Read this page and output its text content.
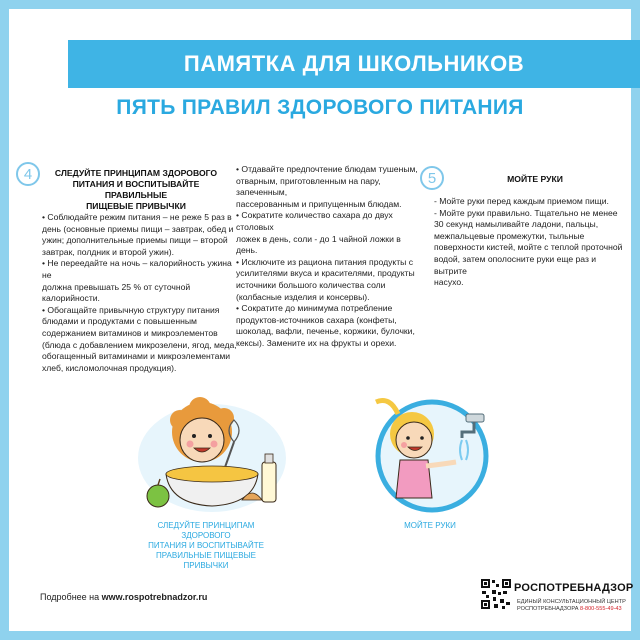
ПАМЯТКА ДЛЯ ШКОЛЬНИКОВ
ПЯТЬ ПРАВИЛ ЗДОРОВОГО ПИТАНИЯ
4	СЛЕДУЙТЕ ПРИНЦИПАМ ЗДОРОВОГО
ПИТАНИЯ И ВОСПИТЫВАЙТЕ ПРАВИЛЬНЫЕ
ПИЩЕВЫЕ ПРИВЫЧКИ

• Соблюдайте режим питания – не реже 5 раз в

день (основные приемы пищи – завтрак, обед и

ужин; дополнительные приемы пищи – второй

завтрак, полдник и второй ужин).

• Не переедайте на ночь – калорийность ужина не

должна превышать 25 % от суточной

калорийности.

• Обогащайте привычную структуру питания

блюдами и продуктами с повышенным

содержанием витаминов и микроэлементов

(блюда с добавлением микрозелени, ягод, меда,

обогащенный витаминами и микроэлементами

хлеб, кисломолочная продукция).

• Отдавайте предпочтение блюдам тушеным,

отварным, приготовленным на пару, запеченным,

пассерованным и припущенным блюдам.

• Сократите количество сахара до двух столовых

ложек в день, соли - до 1 чайной ложки в день.

• Исключите из рациона питания продукты с

усилителями вкуса и красителями, продукты

источники большого количества соли

(колбасные изделия и консервы).

• Сократите до минимума потребление

продуктов-источников сахара (конфеты,

шоколад, вафли, печенье, коржики, булочки,

кексы). Замените их на фрукты и орехи.

5	МОЙТЕ РУКИ

- Мойте руки перед каждым приемом пищи.

- Мойте руки правильно. Тщательно не менее

30 секунд намыливайте ладони, пальцы,

межпальцевые промежутки, тыльные

поверхности кистей, мойте с теплой проточной

водой, затем ополосните руки еще раз и вытрите

насухо.

СЛЕДУЙТЕ ПРИНЦИПАМ ЗДОРОВОГО
ПИТАНИЯ И ВОСПИТЫВАЙТЕ
ПРАВИЛЬНЫЕ ПИЩЕВЫЕ ПРИВЫЧКИ
МОЙТЕ РУКИ
Подробнее на www.rospotrebnadzor.ru
РОСПОТРЕБНАДЗОР
ЕДИНЫЙ КОНСУЛЬТАЦИОННЫЙ ЦЕНТР
РОСПОТРЕБНАДЗОРА 8-800-555-49-43
